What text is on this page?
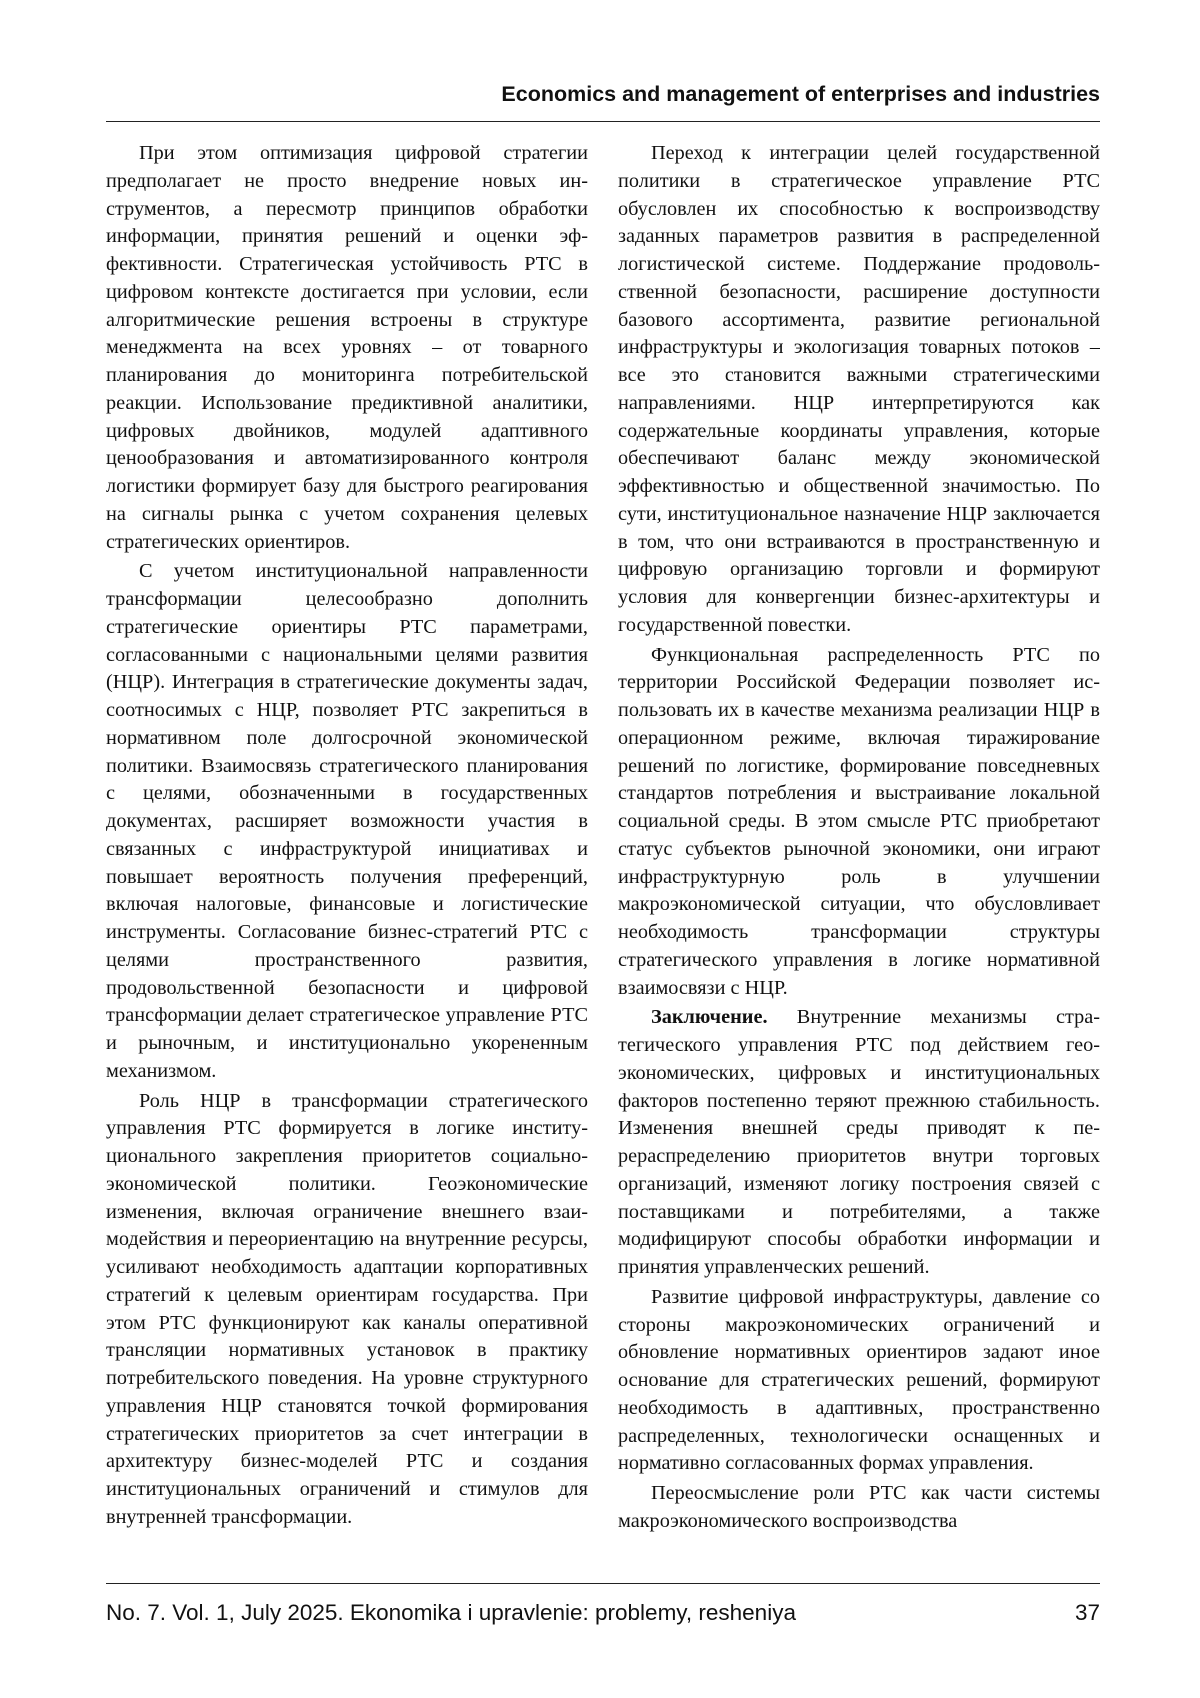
Economics and management of enterprises and industries

При этом оптимизация цифровой стратегии предполагает не просто внедрение новых ин­струментов, а пересмотр принципов обработки информации, принятия решений и оценки эф­фективности. Стратегическая устойчивость РТС в цифровом контексте достигается при условии, если алгоритмические решения встроены в струк­туре менеджмента на всех уровнях – от товарного планирования до мониторинга потребительской реакции. Использование предиктивной аналити­ки, цифровых двойников, модулей адаптивного ценообразования и автоматизированного контроля логистики формирует базу для быстрого реагиро­вания на сигналы рынка с учетом сохранения це­левых стратегических ориентиров.

С учетом институциональной направленно­сти трансформации целесообразно дополнить стратегические ориентиры РТС параметрами, согласованными с национальными целями раз­вития (НЦР). Интеграция в стратегические доку­менты задач, соотносимых с НЦР, позволяет РТС закрепиться в нормативном поле долгосрочной экономической политики. Взаимосвязь стратеги­ческого планирования с целями, обозначенными в государственных документах, расширяет воз­можности участия в связанных с инфраструк­турой инициативах и повышает вероятность получения преференций, включая налоговые, финансовые и логистические инструменты. Со­гласование бизнес-стратегий РТС с целями про­странственного развития, продовольственной безопасности и цифровой трансформации дела­ет стратегическое управление РТС и рыночным, и институционально укорененным механизмом.

Роль НЦР в трансформации стратегического управления РТС формируется в логике институ­ционального закрепления приоритетов социаль­но-экономической политики. Геоэкономические изменения, включая ограничение внешнего взаи­модействия и переориентацию на внутренние ресурсы, усиливают необходимость адаптации корпоративных стратегий к целевым ориентирам государства. При этом РТС функционируют как каналы оперативной трансляции нормативных установок в практику потребительского поведе­ния. На уровне структурного управления НЦР становятся точкой формирования стратегических приоритетов за счет интеграции в архитектуру бизнес-моделей РТС и создания институциональ­ных ограничений и стимулов для внутренней трансформации.

Переход к интеграции целей государствен­ной политики в стратегическое управление РТС обусловлен их способностью к воспроизводству заданных параметров развития в распределенной логистической системе. Поддержание продоволь­ственной безопасности, расширение доступности базового ассортимента, развитие региональной инфраструктуры и экологизация товарных пото­ков – все это становится важными стратегически­ми направлениями. НЦР интерпретируются как содержательные координаты управления, кото­рые обеспечивают баланс между экономической эффективностью и общественной значимостью. По сути, институциональное назначение НЦР заключается в том, что они встраиваются в про­странственную и цифровую организацию торгов­ли и формируют условия для конвергенции биз­нес-архитектуры и государственной повестки.

Функциональная распределенность РТС по территории Российской Федерации позволяет ис­пользовать их в качестве механизма реализации НЦР в операционном режиме, включая тиражи­рование решений по логистике, формирование повседневных стандартов потребления и выстраи­вание локальной социальной среды. В этом смыс­ле РТС приобретают статус субъектов рыночной экономики, они играют инфраструктурную роль в улучшении макроэкономической ситуации, что обусловливает необходимость трансформации структуры стратегического управления в логике нормативной взаимосвязи с НЦР.

Заключение. Внутренние механизмы стра­тегического управления РТС под действием гео­экономических, цифровых и институциональных факторов постепенно теряют прежнюю стабиль­ность. Изменения внешней среды приводят к пе­рераспределению приоритетов внутри торговых организаций, изменяют логику построения свя­зей с поставщиками и потребителями, а также модифицируют способы обработки информации и принятия управленческих решений.

Развитие цифровой инфраструктуры, давле­ние со стороны макроэкономических ограниче­ний и обновление нормативных ориентиров зада­ют иное основание для стратегических решений, формируют необходимость в адаптивных, про­странственно распределенных, технологически оснащенных и нормативно согласованных фор­мах управления.

Переосмысление роли РТС как части сис­темы макроэкономического воспроизводства

No. 7. Vol. 1, July 2025. Ekonomika i upravlenie: problemy, resheniya	37
